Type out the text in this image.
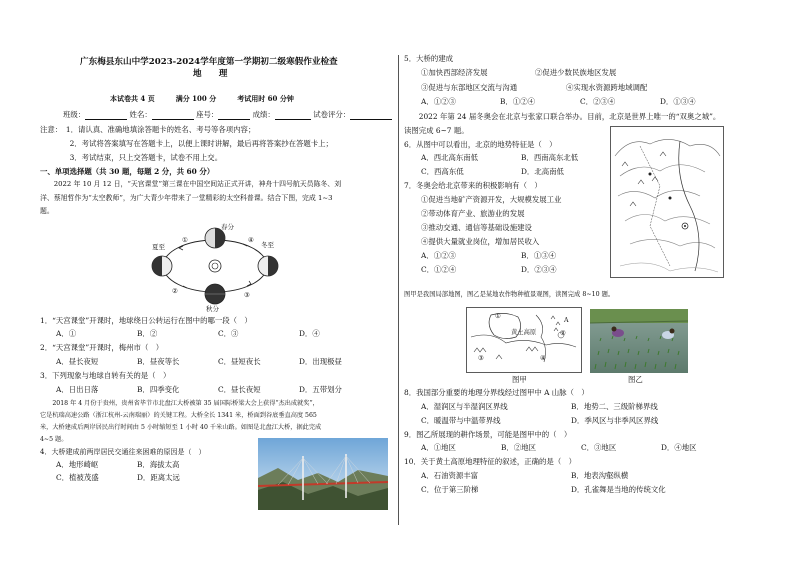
广东梅县东山中学2023-2024学年度第一学期初二级寒假作业检查
地　　理
本试卷共 4 页　　　满分 100 分　　　考试用时 60 分钟
班级：	姓名：	座号：	成绩：	试卷评分：
注意：　1．请认真、准确地填涂答题卡的姓名、考号等各项内容；
　　　　2．考试将答案填写在答题卡上，以便上课时讲解，最后再将答案抄在答题卡上；
　　　　3．考试结束，只上交答题卡，试卷不用上交。
一、单项选择题（共 30 题，每题 2 分，共 60 分）
　　2022 年 10 月 12 日，“天宫课堂”第三课在中国空间站正式开讲，神舟十四号航天员陈冬、刘
洋、蔡旭哲作为“太空教师”，为广大青少年带来了一堂精彩的太空科普课。结合下图，完成 1~3
题。
春分
夏至	冬至
秋分
①
②	③
④
1．“天宫课堂”开课时，地球绕日公转运行在图中的哪一段（　）
A．①	B．②	C．③	D．④
2．“天宫课堂”开课时，梅州市（　）
A．昼长夜短	B．昼夜等长	C．昼短夜长	D．出现极昼
3．下列现象与地球自转有关的是（　）
A．日出日落	B．四季变化	C．昼长夜短	D．五带划分
　　2018 年 4 月份于贵州，贵州省毕节市北盘江大桥被第 35 届国际桥梁大会上获得“杰出成就奖”，
它是杭瑞高速公路（浙江杭州-云南瑞丽）的关键工程。大桥全长 1341 米，桥面到谷底垂直高度 565
米，大桥建成后两岸居民出行时间由 5 小时缩短至 1 小时 40 千米山路。如图是北盘江大桥，据此完成
4~5 题。
4．大桥建成前两岸居民交通往来困难的原因是（　）
A．地形崎岖	B．海拔太高
C．植被茂盛	D．距离太远
5．大桥的建成
①加快西部经济发展	②促进少数民族地区发展
③促进与东部地区交流与沟通	④实现水资源跨地域调配
A．①②③	B．①②④	C．②③④	D．①③④
　　2022 年第 24 届冬奥会在北京与张家口联合举办。目前，北京是世界上唯一的“双奥之城”。
读图完成 6~7 题。
6．从图中可以看出，北京的地势特征是（　）
A．西北高东南低	B．西南高东北低
C．西高东低	D．北高南低
7．冬奥会给北京带来的积极影响有（　）
①促进当地矿产资源开发，大规模发展工业
②带动体育产业、旅游业的发展
③推动交通、通信等基础设施建设
④提供大量就业岗位，增加居民收入
A．①②③	B．①③④
C．①②④	D．②③④
图甲是我国局部地图，图乙是某地农作物种植景观图，读图完成 8~10 题。
黄土高原
A
①
②
③	④
图甲	图乙
8．我国部分重要的地理分界线经过图甲中 A 山脉（　）
A．湿润区与半湿润区界线	B．地势二、三级阶梯界线
C．暖温带与中温带界线	D．季风区与非季风区界线
9．图乙所展现的耕作场景，可能是图甲中的（　）
A．①地区	B．②地区	C．③地区	D．④地区
10．关于黄土高原地理特征的叙述，正确的是（　）
A．石油资源丰富	B．地表沟壑纵横
C．位于第三阶梯	D．孔雀舞是当地的传统文化
